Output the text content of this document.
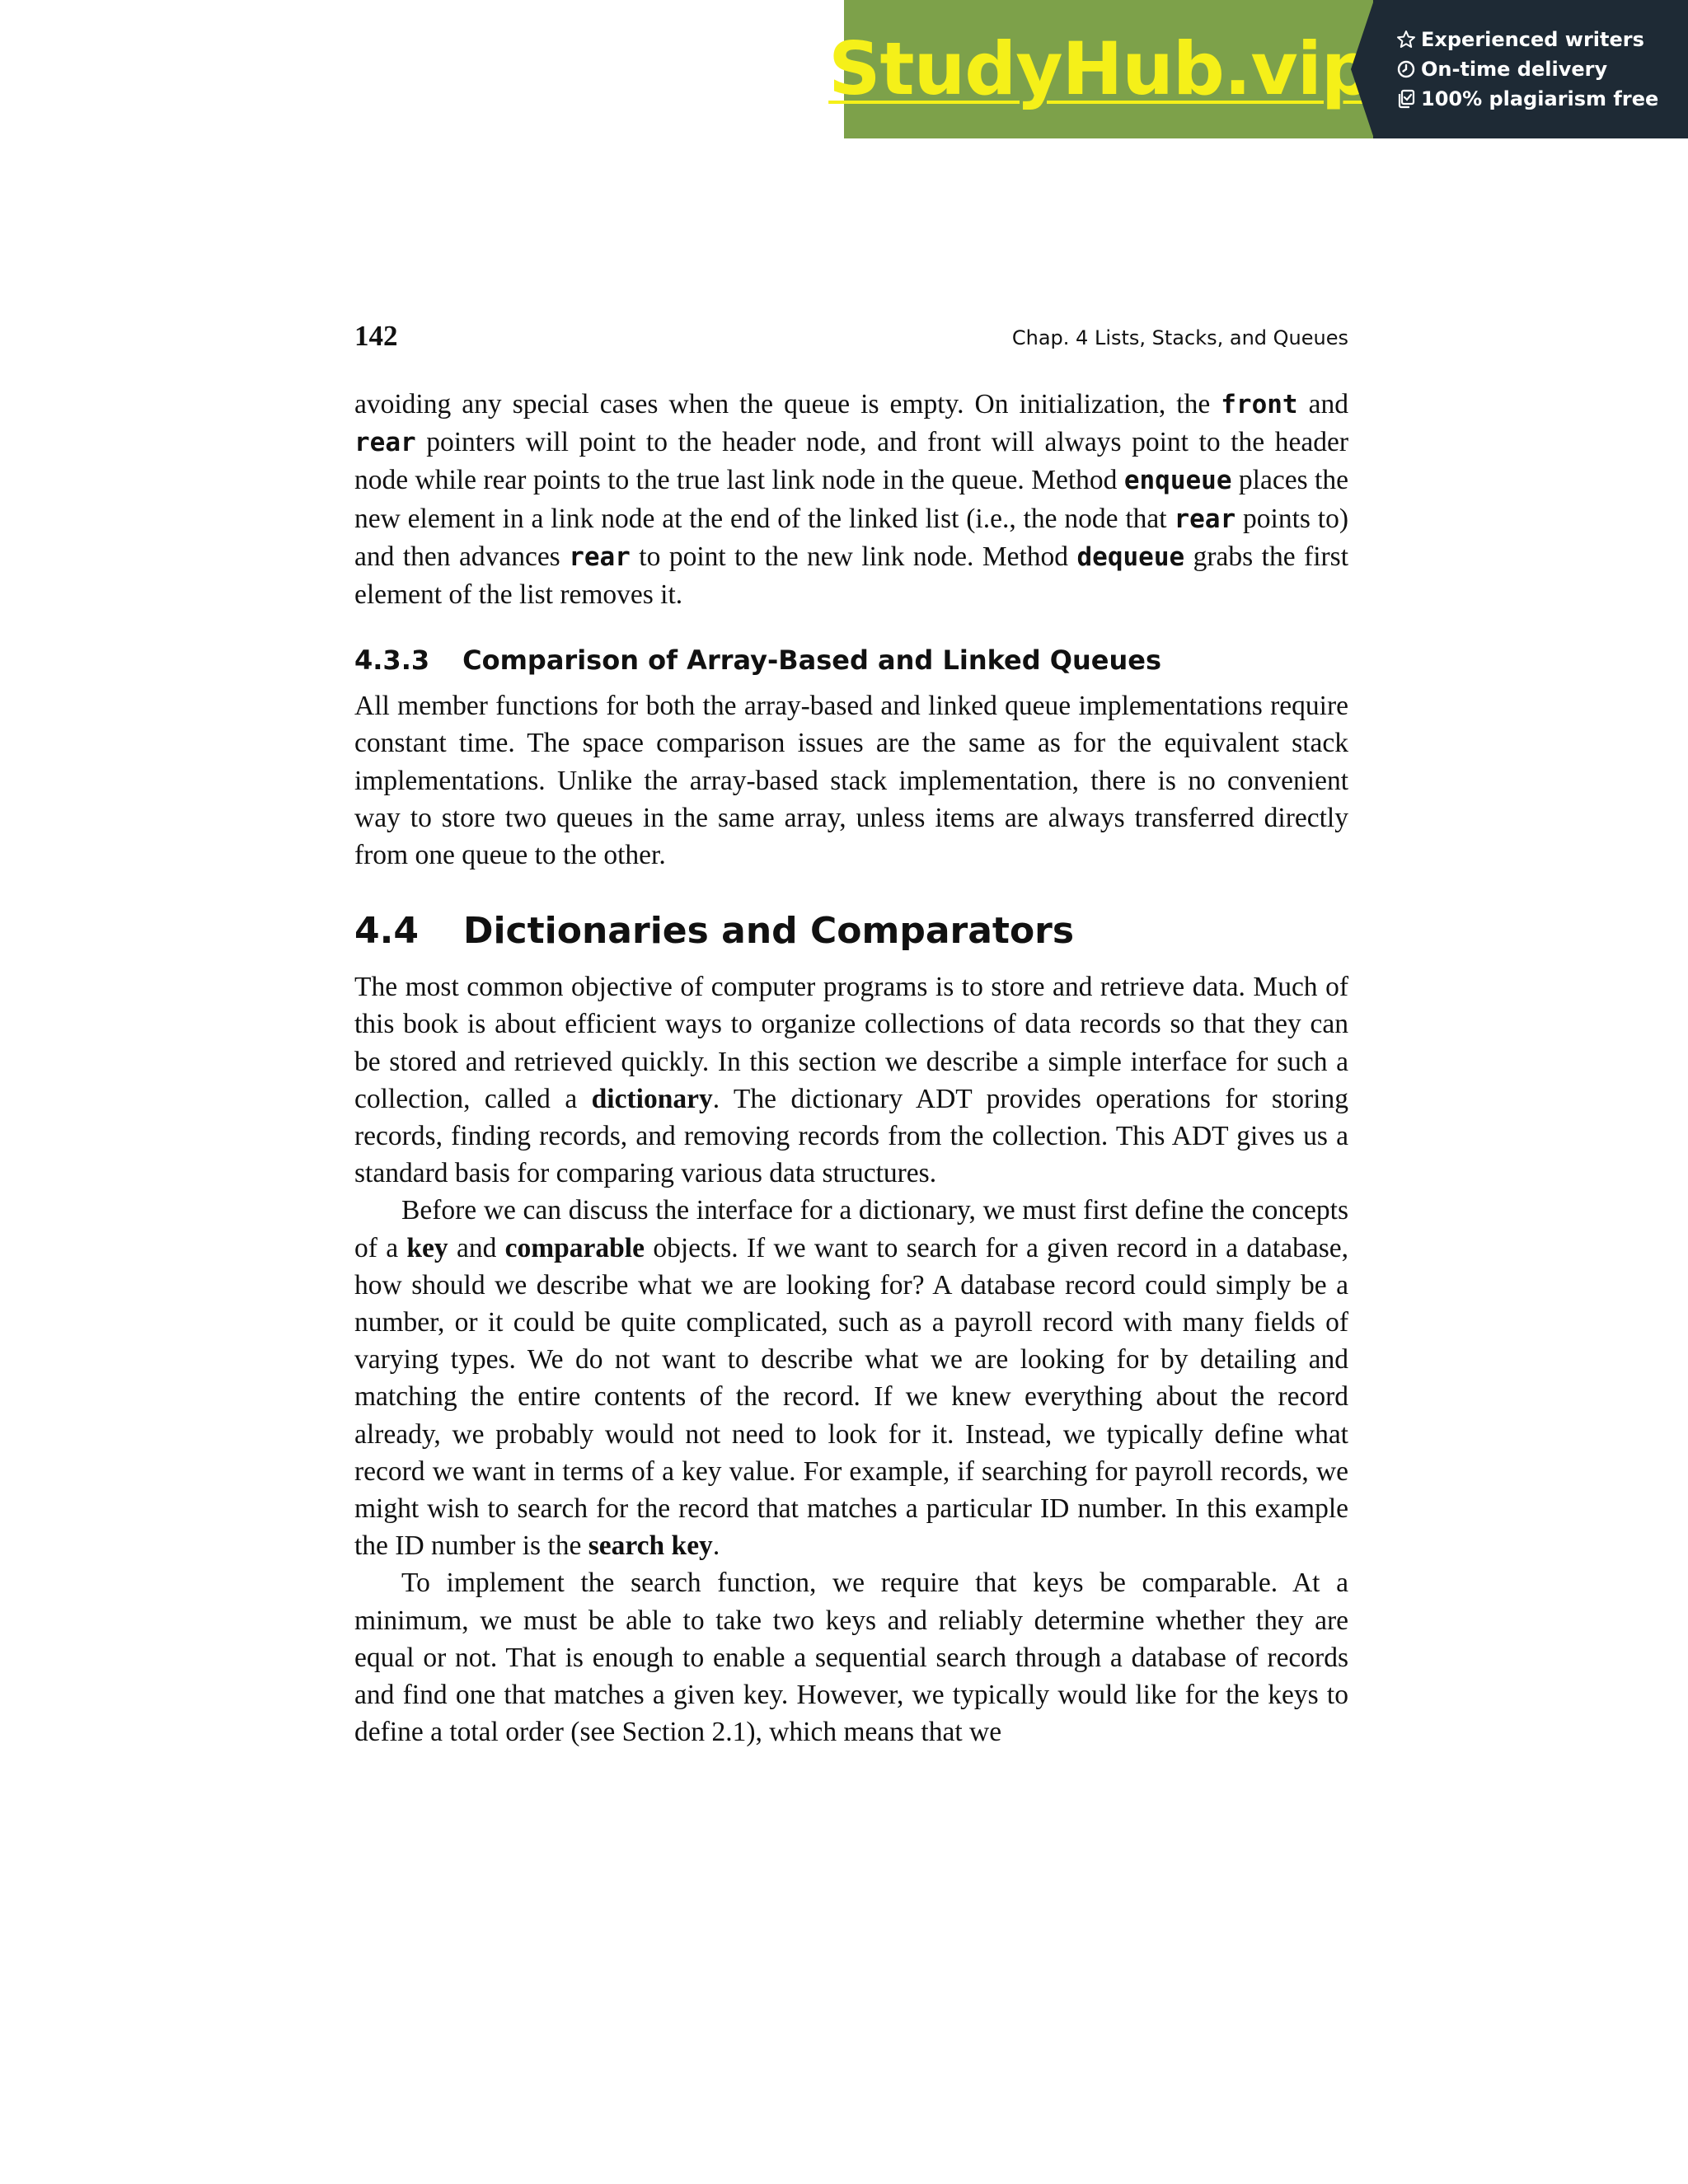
StudyHub.vip Experienced writers
On-time delivery
100% plagiarism free
142	Chap. 4 Lists, Stacks, and Queues

avoiding any special cases when the queue is empty. On initialization, the front and rear pointers will point to the header node, and front will always point to the header node while rear points to the true last link node in the queue. Method enqueue places the new element in a link node at the end of the linked list (i.e., the node that rear points to) and then advances rear to point to the new link node. Method dequeue grabs the first element of the list removes it.

4.3.3 Comparison of Array-Based and Linked Queues

All member functions for both the array-based and linked queue implementations require constant time. The space comparison issues are the same as for the equivalent stack implementations. Unlike the array-based stack implementation, there is no convenient way to store two queues in the same array, unless items are always transferred directly from one queue to the other.

4.4 Dictionaries and Comparators

The most common objective of computer programs is to store and retrieve data. Much of this book is about efficient ways to organize collections of data records so that they can be stored and retrieved quickly. In this section we describe a simple interface for such a collection, called a dictionary. The dictionary ADT provides operations for storing records, finding records, and removing records from the collection. This ADT gives us a standard basis for comparing various data structures.

Before we can discuss the interface for a dictionary, we must first define the concepts of a key and comparable objects. If we want to search for a given record in a database, how should we describe what we are looking for? A database record could simply be a number, or it could be quite complicated, such as a payroll record with many fields of varying types. We do not want to describe what we are looking for by detailing and matching the entire contents of the record. If we knew everything about the record already, we probably would not need to look for it. Instead, we typically define what record we want in terms of a key value. For example, if searching for payroll records, we might wish to search for the record that matches a particular ID number. In this example the ID number is the search key.

To implement the search function, we require that keys be comparable. At a minimum, we must be able to take two keys and reliably determine whether they are equal or not. That is enough to enable a sequential search through a database of records and find one that matches a given key. However, we typically would like for the keys to define a total order (see Section 2.1), which means that we
